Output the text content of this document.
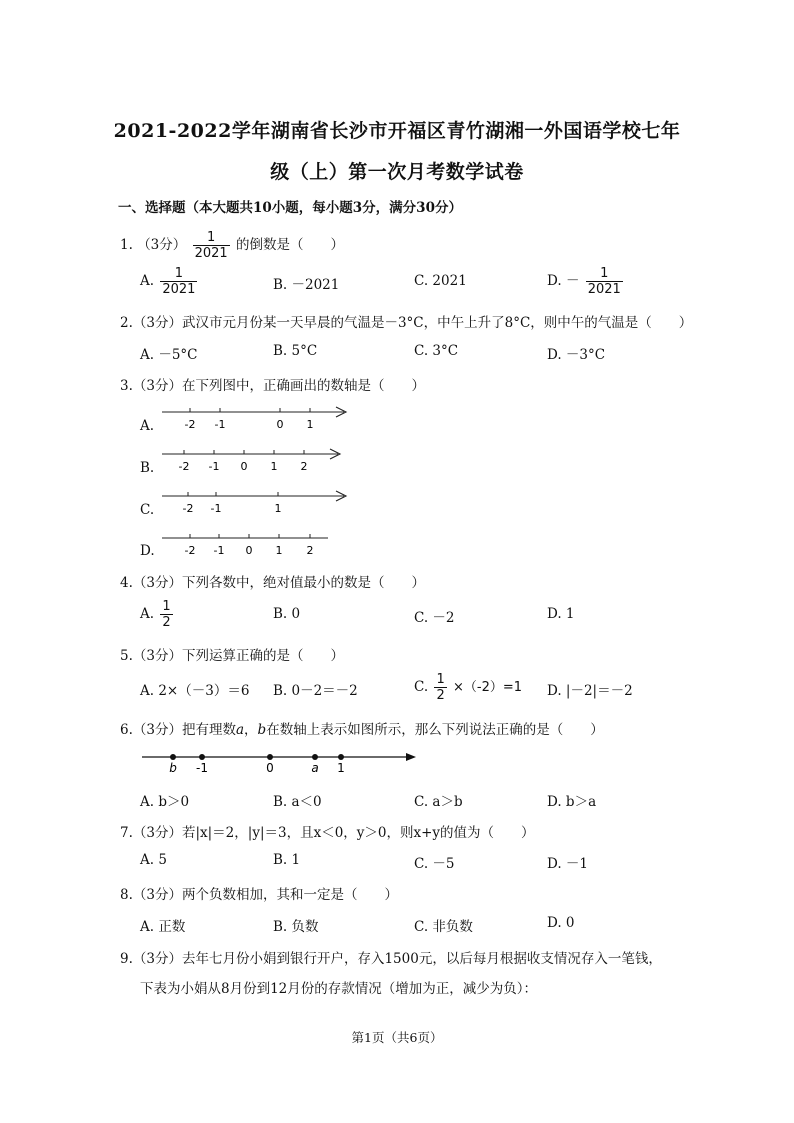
2021-2022学年湖南省长沙市开福区青竹湖湘一外国语学校七年
级（上）第一次月考数学试卷
一、选择题（本大题共10小题，每小题3分，满分30分）
1. （3分） $\frac{1}{2021}$ 的倒数是（　　）
A. $\frac{1}{2021}$	B. －2021	C. 2021	D. － $\frac{1}{2021}$
2.（3分）武汉市元月份某一天早晨的气温是－3°C，中午上升了8°C，则中午的气温是（　　）
A. －5°C	B. 5°C	C. 3°C	D. －3°C
3.（3分）在下列图中，正确画出的数轴是（　　）
A.	-2 -1	0 1
B. -2 -1 0 1 2
C.	-2 -1	1
D.	-2 -1 0 1 2
4.（3分）下列各数中，绝对值最小的数是（　　）
A. $\frac{1}{2}$	B. 0	C. －2	D. 1
5.（3分）下列运算正确的是（　　）
A. 2×（－3）＝6 B. 0－2＝－2	C. $\frac{1}{2} \times(-2)=1$ D. |－2|＝－2
6.（3分）把有理数a，b在数轴上表示如图所示，那么下列说法正确的是（　　）
b -1	0	a 1
A. b＞0	B. a＜0	C. a＞b	D. b＞a
7.（3分）若|x|＝2，|y|＝3，且x＜0，y＞0，则x+y的值为（　　）
A. 5	B. 1	C. －5	D. －1
8.（3分）两个负数相加，其和一定是（　　）
A. 正数	B. 负数	C. 非负数	D. 0
9.（3分）去年七月份小娟到银行开户，存入1500元，以后每月根据收支情况存入一笔钱，
下表为小娟从8月份到12月份的存款情况（增加为正，减少为负）：
第1页（共6页）
